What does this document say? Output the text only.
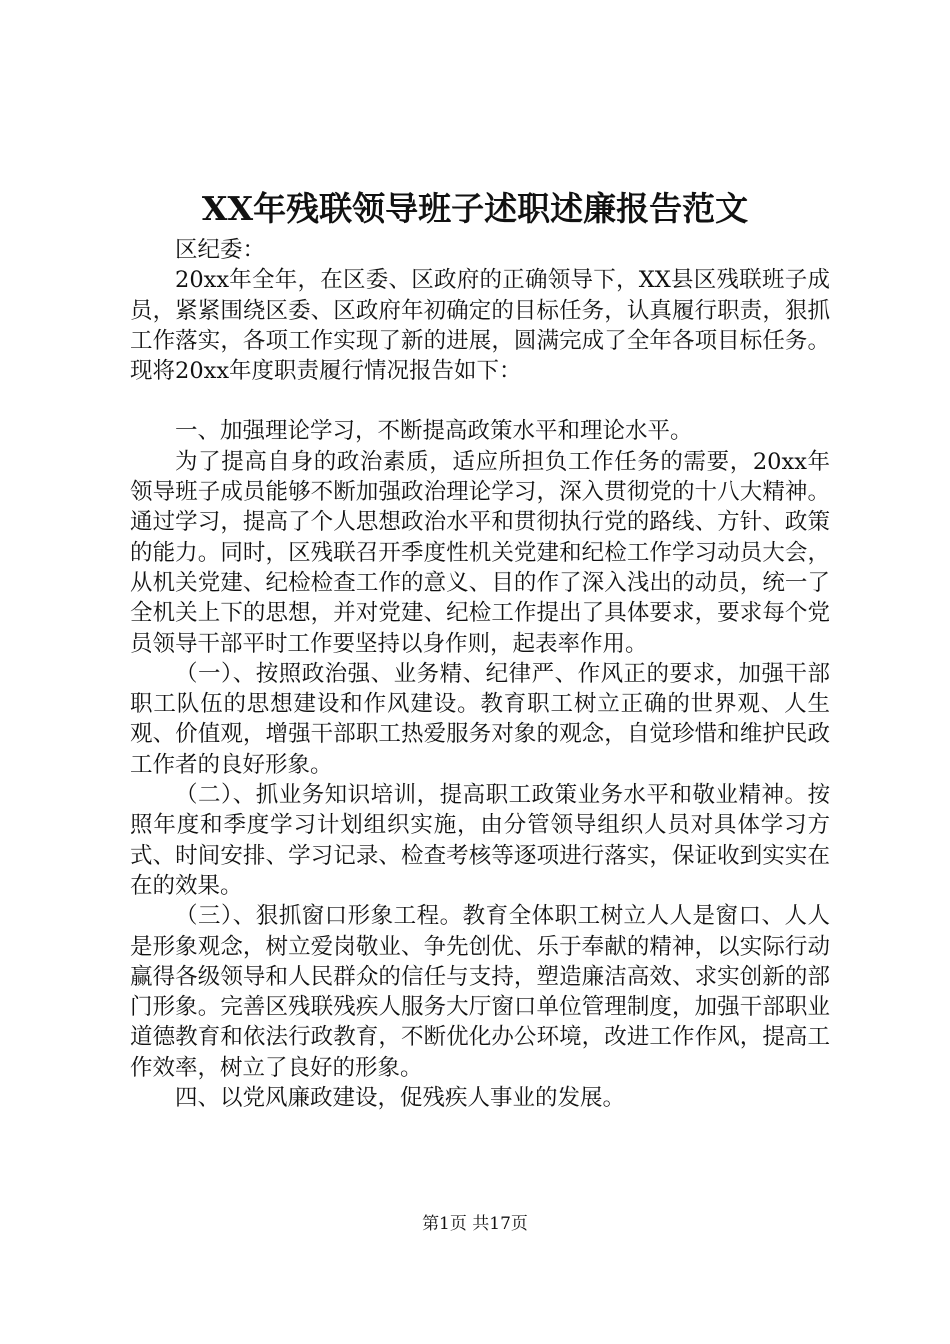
XX年残联领导班子述职述廉报告范文

区纪委：

20xx年全年，在区委、区政府的正确领导下，XX县区残联班子成员，紧紧围绕区委、区政府年初确定的目标任务，认真履行职责，狠抓工作落实，各项工作实现了新的进展，圆满完成了全年各项目标任务。现将20xx年度职责履行情况报告如下：

一、加强理论学习，不断提高政策水平和理论水平。

为了提高自身的政治素质，适应所担负工作任务的需要，20xx年领导班子成员能够不断加强政治理论学习，深入贯彻党的十八大精神。通过学习，提高了个人思想政治水平和贯彻执行党的路线、方针、政策的能力。同时，区残联召开季度性机关党建和纪检工作学习动员大会，从机关党建、纪检检查工作的意义、目的作了深入浅出的动员，统一了全机关上下的思想，并对党建、纪检工作提出了具体要求，要求每个党员领导干部平时工作要坚持以身作则，起表率作用。

（一）、按照政治强、业务精、纪律严、作风正的要求，加强干部职工队伍的思想建设和作风建设。教育职工树立正确的世界观、人生观、价值观，增强干部职工热爱服务对象的观念，自觉珍惜和维护民政工作者的良好形象。

（二）、抓业务知识培训，提高职工政策业务水平和敬业精神。按照年度和季度学习计划组织实施，由分管领导组织人员对具体学习方式、时间安排、学习记录、检查考核等逐项进行落实，保证收到实实在在的效果。

（三）、狠抓窗口形象工程。教育全体职工树立人人是窗口、人人是形象观念，树立爱岗敬业、争先创优、乐于奉献的精神，以实际行动赢得各级领导和人民群众的信任与支持，塑造廉洁高效、求实创新的部门形象。完善区残联残疾人服务大厅窗口单位管理制度，加强干部职业道德教育和依法行政教育，不断优化办公环境，改进工作作风，提高工作效率，树立了良好的形象。

四、以党风廉政建设，促残疾人事业的发展。

第1页 共17页
